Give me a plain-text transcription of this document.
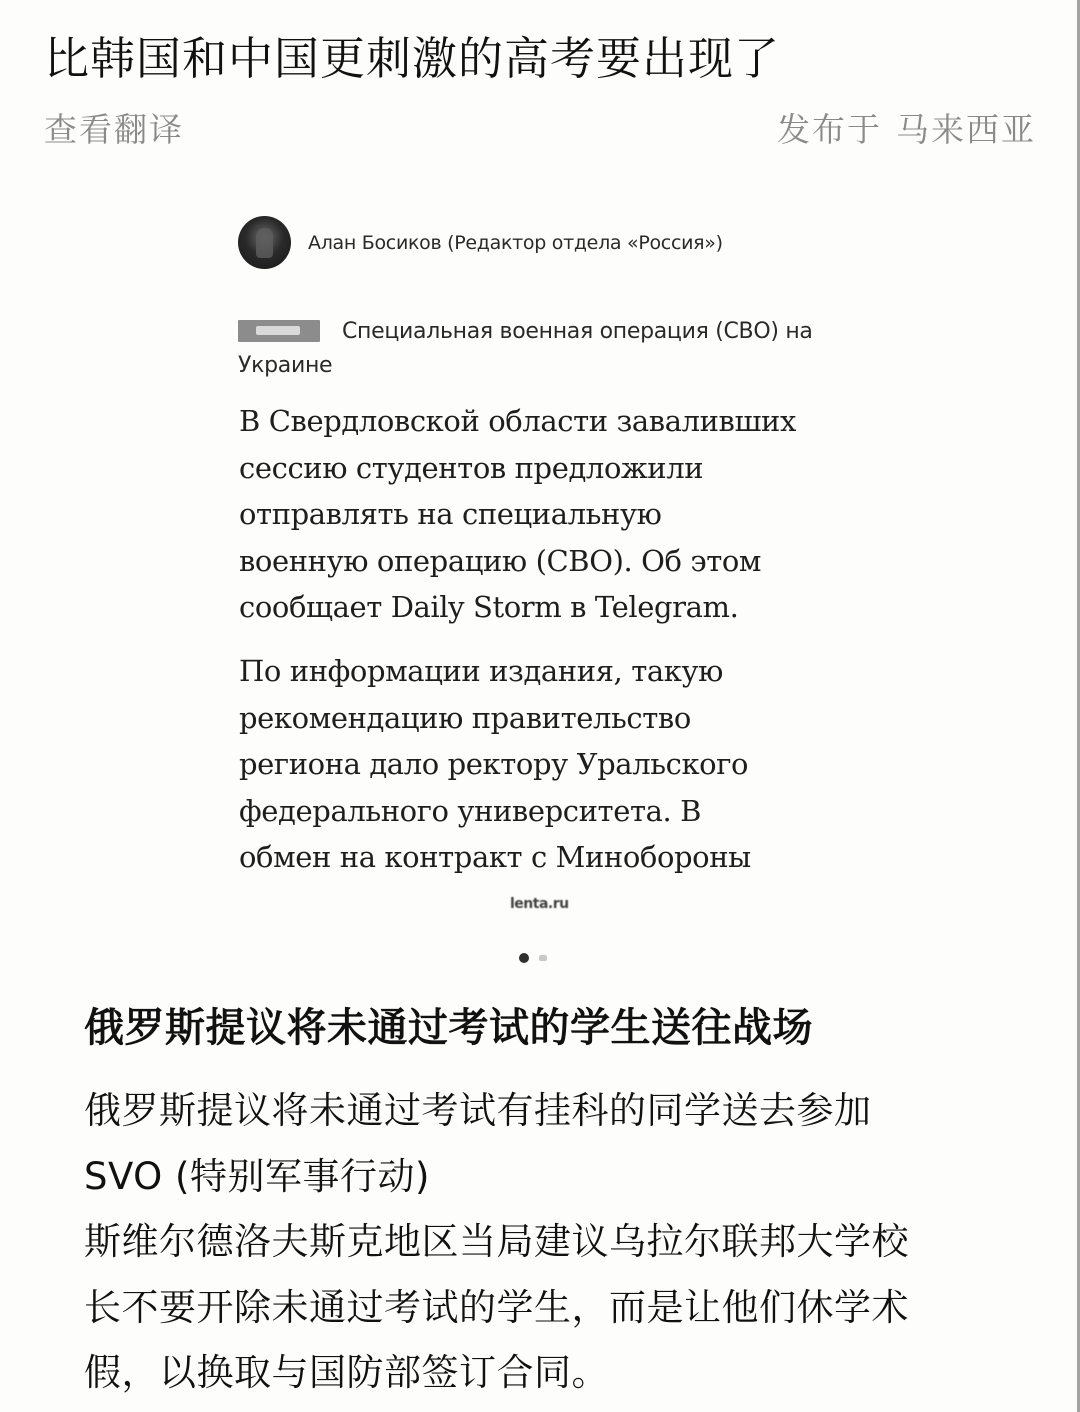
比韩国和中国更刺激的高考要出现了
查看翻译	发布于 马来西亚
Алан Босиков (Редактор отдела «Россия»)
Специальная военная операция (СВО) на
Украине
В Свердловской области заваливших
сессию студентов предложили
отправлять на специальную
военную операцию (СВО). Об этом
сообщает Daily Storm в Telegram.
По информации издания, такую
рекомендацию правительство
региона дало ректору Уральского
федерального университета. В
обмен на контракт с Минобороны
lenta.ru
俄罗斯提议将未通过考试的学生送往战场
俄罗斯提议将未通过考试有挂科的同学送去参加
SVO (特别军事行动)
斯维尔德洛夫斯克地区当局建议乌拉尔联邦大学校
长不要开除未通过考试的学生，而是让他们休学术
假，以换取与国防部签订合同。
